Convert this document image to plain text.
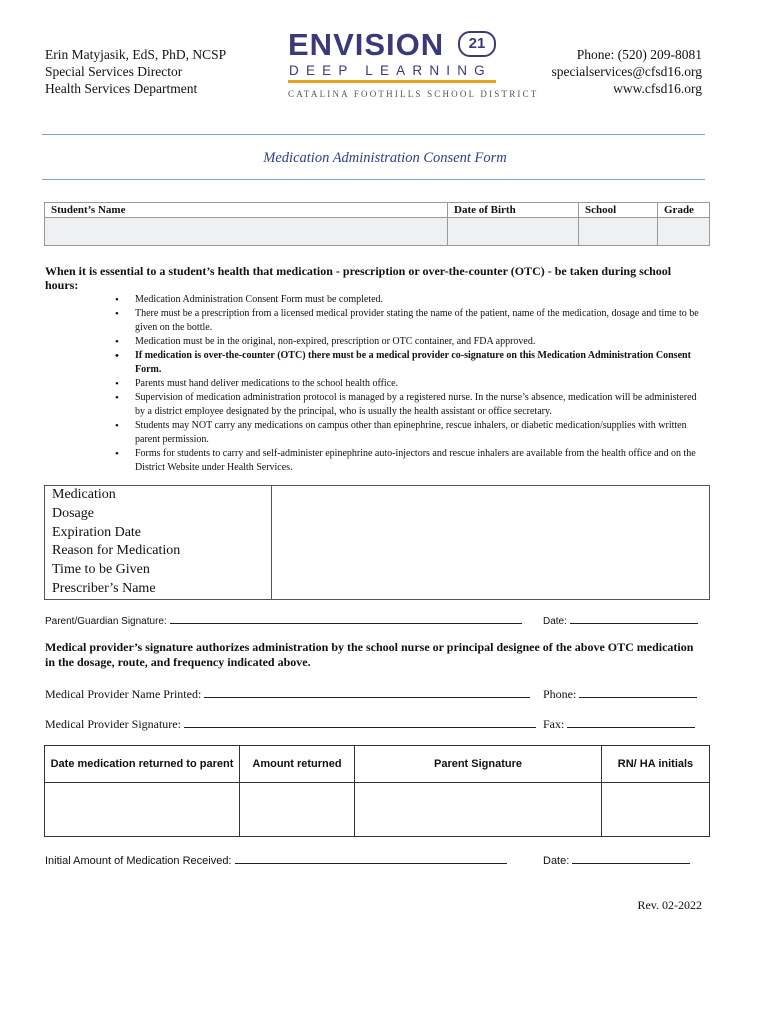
Erin Matyjasik, EdS, PhD, NCSP
Special Services Director
Health Services Department
ENVISION	21
DEEP LEARNING
CATALINA FOOTHILLS SCHOOL DISTRICT
Phone: (520) 209-8081
specialservices@cfsd16.org
www.cfsd16.org
Medication Administration Consent Form
Student’s Name	Date of Birth	School	Grade

When it is essential to a student’s health that medication - prescription or over-the-counter (OTC) - be taken during school hours:
• Medication Administration Consent Form must be completed.
• There must be a prescription from a licensed medical provider stating the name of the patient, name of the medication, dosage and time to be given on the bottle.
• Medication must be in the original, non-expired, prescription or OTC container, and FDA approved.
• If medication is over-the-counter (OTC) there must be a medical provider co-signature on this Medication Administration Consent Form.
• Parents must hand deliver medications to the school health office.
• Supervision of medication administration protocol is managed by a registered nurse. In the nurse’s absence, medication will be administered by a district employee designated by the principal, who is usually the health assistant or office secretary.
• Students may NOT carry any medications on campus other than epinephrine, rescue inhalers, or diabetic medication/supplies with written parent permission.
• Forms for students to carry and self-administer epinephrine auto-injectors and rescue inhalers are available from the health office and on the District Website under Health Services.
Medication
Dosage
Expiration Date
Reason for Medication
Time to be Given
Prescriber’s Name

Parent/Guardian Signature:	Date:
Medical provider’s signature authorizes administration by the school nurse or principal designee of the above OTC medication in the dosage, route, and frequency indicated above.
Medical Provider Name Printed:	Phone:
Medical Provider Signature:	Fax:
Date medication returned to parent	Amount returned	Parent Signature	RN/ HA initials

Initial Amount of Medication Received:	Date:
Rev. 02-2022
